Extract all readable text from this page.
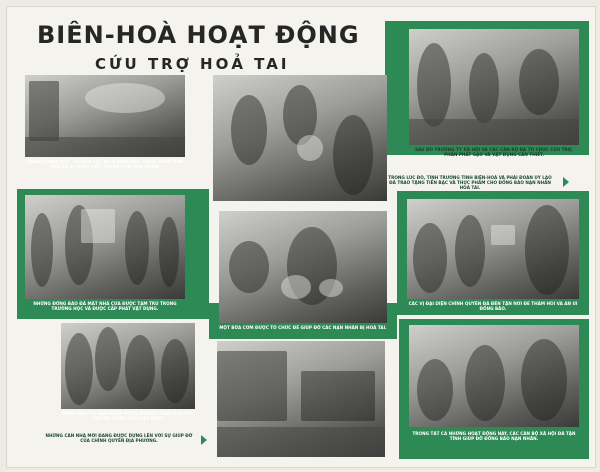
BIÊN-HOÀ HOẠT ĐỘNG
CỨU TRỢ HOẢ TAI
QUANG CẢNH MỘT TAI HOẠ XẢY RA Ở BIÊN-HOÀ. HÀNG TRĂM NHÀ CỬA ĐÃ BỊ THIÊU HỦY TRONG CƠN HOẢ HOẠN.
SAU ĐÓ TRƯỞNG TY XÃ HỘI VÀ CÁC CÁN BỘ ĐÃ TỔ CHỨC CỨU TRỢ, PHÂN PHÁT GẠO VÀ VẬT DỤNG CẦN THIẾT.
TRONG LÚC ĐÓ, TỈNH TRƯỞNG TỈNH BIÊN-HOÀ VÀ PHÁI ĐOÀN ỦY LẠO ĐÃ TRAO TẶNG TIỀN BẠC VÀ THỰC PHẨM CHO ĐỒNG BÀO NẠN NHÂN HOẢ TAI.
NHỮNG ĐỒNG BÀO ĐÃ MẤT NHÀ CỬA ĐƯỢC TẠM TRÚ TRONG TRƯỜNG HỌC VÀ ĐƯỢC CẤP PHÁT VẬT DỤNG.
MỘT BỮA CƠM ĐƯỢC TỔ CHỨC ĐỂ GIÚP ĐỠ CÁC NẠN NHÂN BỊ HOẢ TAI.
CÁC VỊ ĐẠI DIỆN CHÍNH QUYỀN ĐÃ ĐẾN TẬN NƠI ĐỂ THĂM HỎI VÀ AN ỦI ĐỒNG BÀO.
ĐỒNG BÀO TẠI NẠN NHẬN ĐƯỢC NHỮNG PHẦN QUÀ CỨU TRỢ DO CHÍNH PHỦ CẤP PHÁT.
NHỮNG CĂN NHÀ MỚI ĐANG ĐƯỢC DỰNG LÊN VỚI SỰ GIÚP ĐỠ CỦA CHÍNH QUYỀN ĐỊA PHƯƠNG.
TRONG TẤT CẢ NHỮNG HOẠT ĐỘNG NÀY, CÁC CÁN BỘ XÃ HỘI ĐÃ TẬN TÌNH GIÚP ĐỠ ĐỒNG BÀO NẠN NHÂN.
